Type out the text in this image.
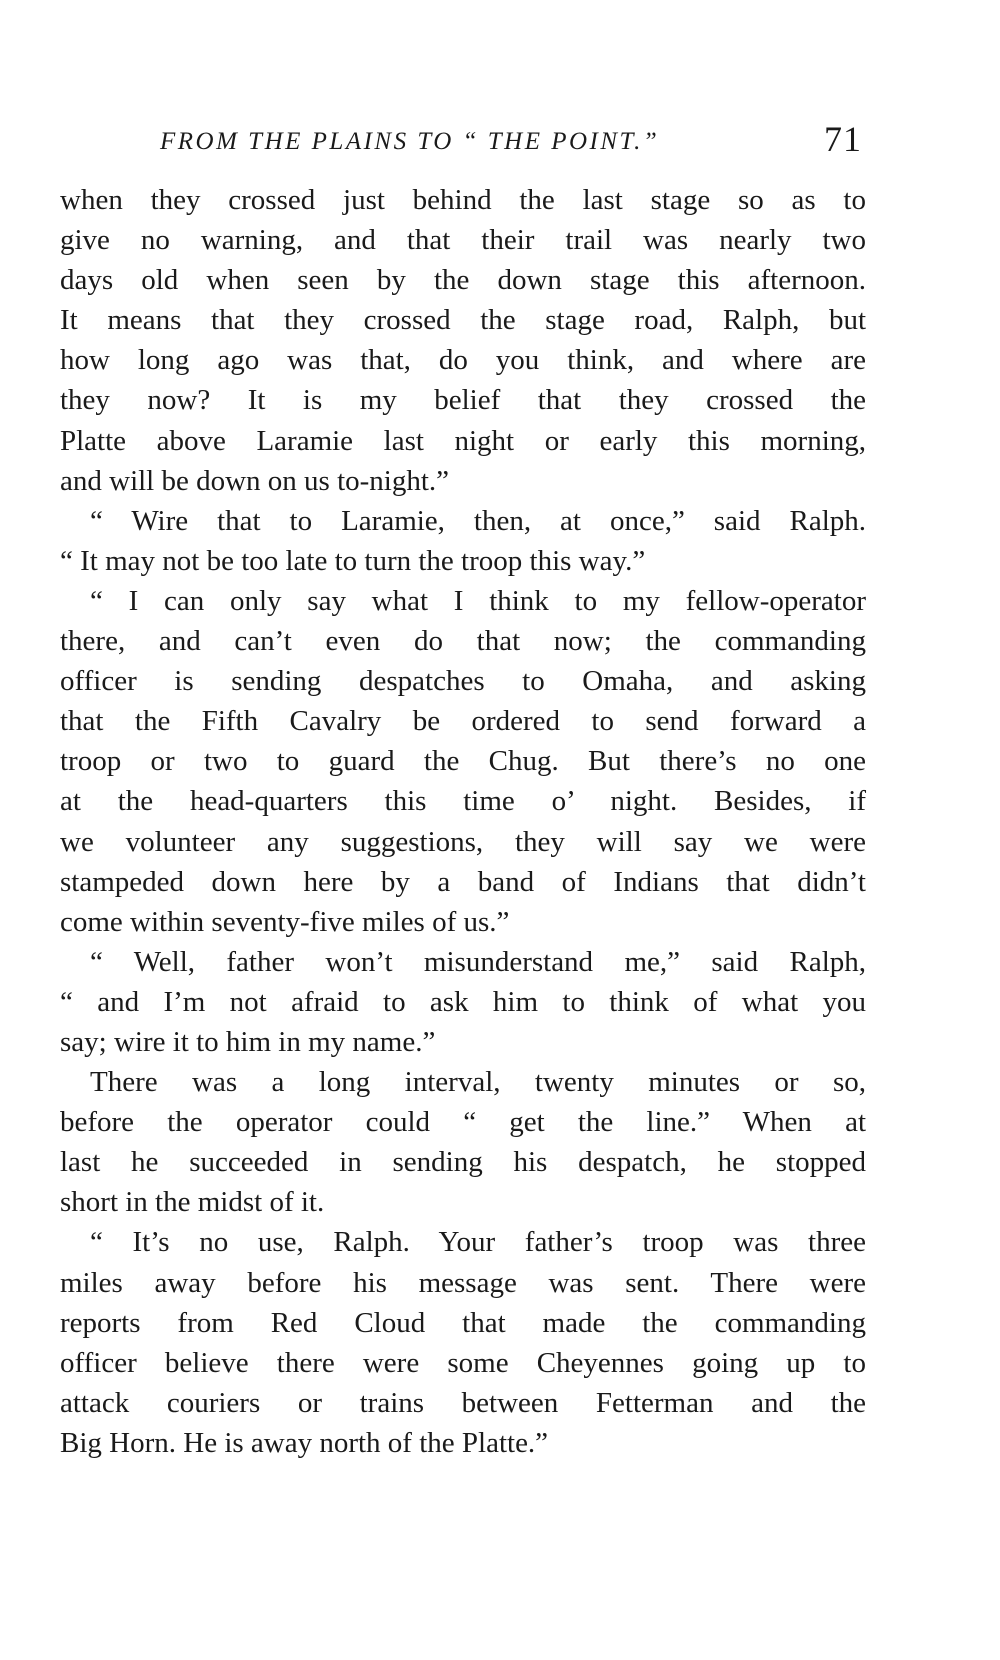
FROM THE PLAINS TO “ THE POINT.”	71
when they crossed just behind the last stage so as to
give no warning, and that their trail was nearly two
days old when seen by the down stage this afternoon.
It means that they crossed the stage road, Ralph, but
how long ago was that, do you think, and where are
they now? It is my belief that they crossed the
Platte above Laramie last night or early this morning,
and will be down on us to-night.”
“ Wire that to Laramie, then, at once,” said Ralph.
“ It may not be too late to turn the troop this way.”
“ I can only say what I think to my fellow-operator
there, and can’t even do that now; the commanding
officer is sending despatches to Omaha, and asking
that the Fifth Cavalry be ordered to send forward a
troop or two to guard the Chug. But there’s no one
at the head-quarters this time o’ night. Besides, if
we volunteer any suggestions, they will say we were
stampeded down here by a band of Indians that didn’t
come within seventy-five miles of us.”
“ Well, father won’t misunderstand me,” said Ralph,
“ and I’m not afraid to ask him to think of what you
say; wire it to him in my name.”
There was a long interval, twenty minutes or so,
before the operator could “ get the line.” When at
last he succeeded in sending his despatch, he stopped
short in the midst of it.
“ It’s no use, Ralph. Your father’s troop was three
miles away before his message was sent. There were
reports from Red Cloud that made the commanding
officer believe there were some Cheyennes going up to
attack couriers or trains between Fetterman and the
Big Horn. He is away north of the Platte.”
